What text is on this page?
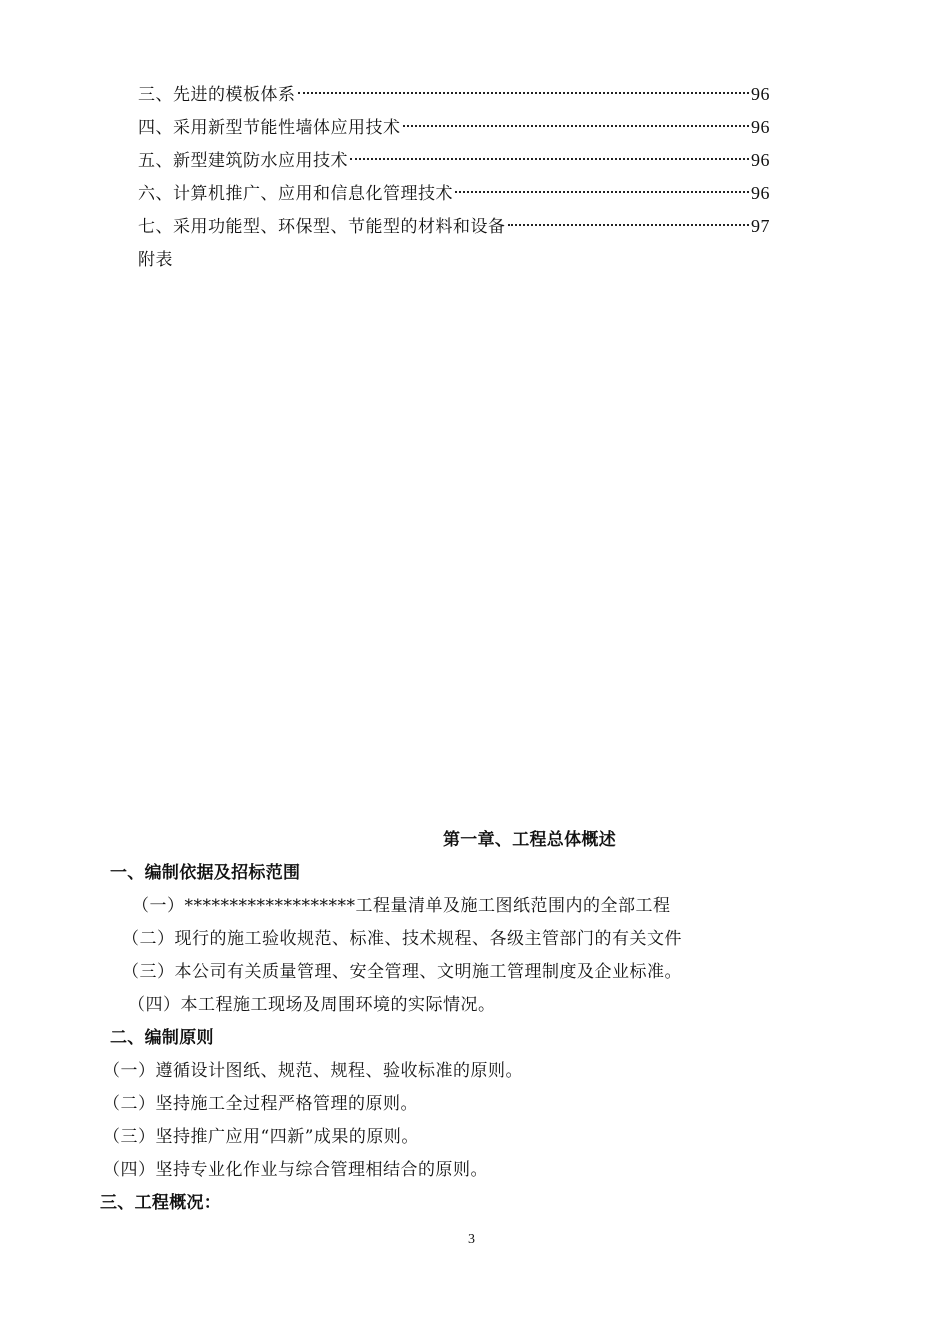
三、先进的模板体系	96
四、采用新型节能性墙体应用技术	96
五、新型建筑防水应用技术	96
六、计算机推广、应用和信息化管理技术	96
七、采用功能型、环保型、节能型的材料和设备	97
附表
第一章、工程总体概述
一、编制依据及招标范围
（一）*******************工程量清单及施工图纸范围内的全部工程
（二）现行的施工验收规范、标准、技术规程、各级主管部门的有关文件
（三）本公司有关质量管理、安全管理、文明施工管理制度及企业标准。
（四）本工程施工现场及周围环境的实际情况。
二、编制原则
（一）遵循设计图纸、规范、规程、验收标准的原则。
（二）坚持施工全过程严格管理的原则。
（三）坚持推广应用“四新”成果的原则。
（四）坚持专业化作业与综合管理相结合的原则。
三、工程概况：
3
